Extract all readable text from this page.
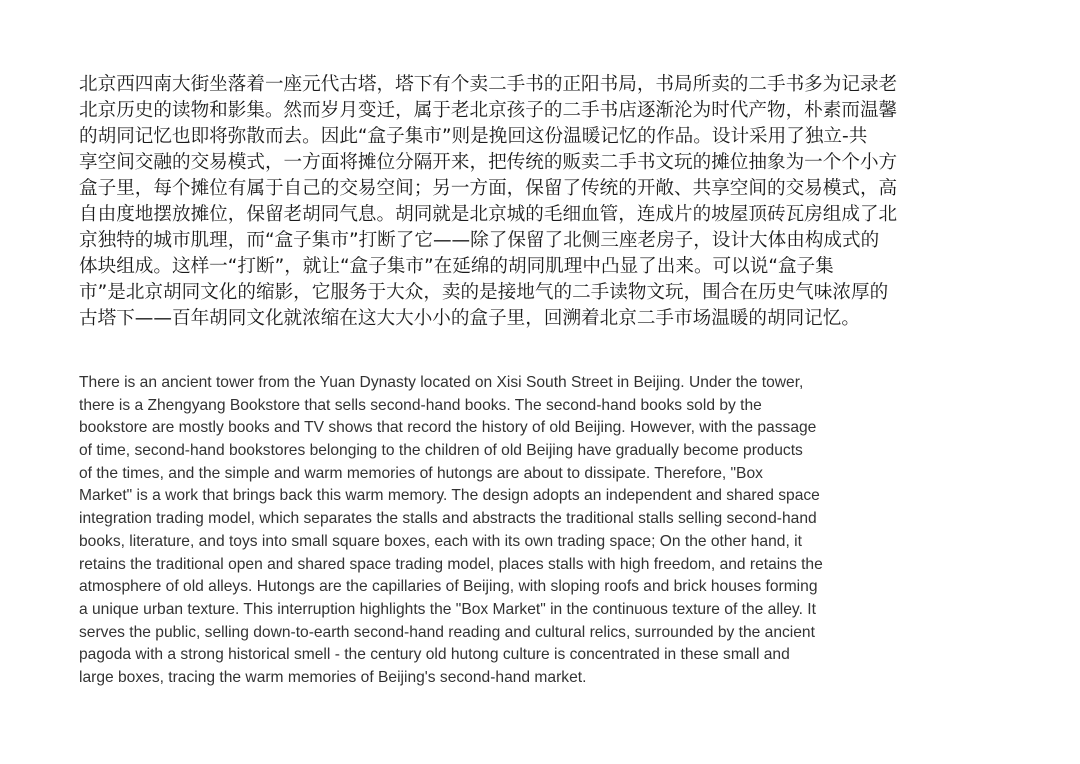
北京西四南大街坐落着一座元代古塔，塔下有个卖二手书的正阳书局，书局所卖的二手书多为记录老
北京历史的读物和影集。然而岁月变迁，属于老北京孩子的二手书店逐渐沦为时代产物，朴素而温馨
的胡同记忆也即将弥散而去。因此“盒子集市”则是挽回这份温暖记忆的作品。设计采用了独立-共
享空间交融的交易模式，一方面将摊位分隔开来，把传统的贩卖二手书文玩的摊位抽象为一个个小方
盒子里，每个摊位有属于自己的交易空间；另一方面，保留了传统的开敞、共享空间的交易模式，高
自由度地摆放摊位，保留老胡同气息。胡同就是北京城的毛细血管，连成片的坡屋顶砖瓦房组成了北
京独特的城市肌理，而“盒子集市”打断了它——除了保留了北侧三座老房子，设计大体由构成式的
体块组成。这样一“打断”，就让“盒子集市”在延绵的胡同肌理中凸显了出来。可以说“盒子集
市”是北京胡同文化的缩影，它服务于大众，卖的是接地气的二手读物文玩，围合在历史气味浓厚的
古塔下——百年胡同文化就浓缩在这大大小小的盒子里，回溯着北京二手市场温暖的胡同记忆。
There is an ancient tower from the Yuan Dynasty located on Xisi South Street in Beijing. Under the tower,
there is a Zhengyang Bookstore that sells second-hand books. The second-hand books sold by the
bookstore are mostly books and TV shows that record the history of old Beijing. However, with the passage
of time, second-hand bookstores belonging to the children of old Beijing have gradually become products
of the times, and the simple and warm memories of hutongs are about to dissipate. Therefore, "Box
Market" is a work that brings back this warm memory. The design adopts an independent and shared space
integration trading model, which separates the stalls and abstracts the traditional stalls selling second-hand
books, literature, and toys into small square boxes, each with its own trading space; On the other hand, it
retains the traditional open and shared space trading model, places stalls with high freedom, and retains the
atmosphere of old alleys. Hutongs are the capillaries of Beijing, with sloping roofs and brick houses forming
a unique urban texture. This interruption highlights the "Box Market" in the continuous texture of the alley. It
serves the public, selling down-to-earth second-hand reading and cultural relics, surrounded by the ancient
pagoda with a strong historical smell - the century old hutong culture is concentrated in these small and
large boxes, tracing the warm memories of Beijing's second-hand market.
